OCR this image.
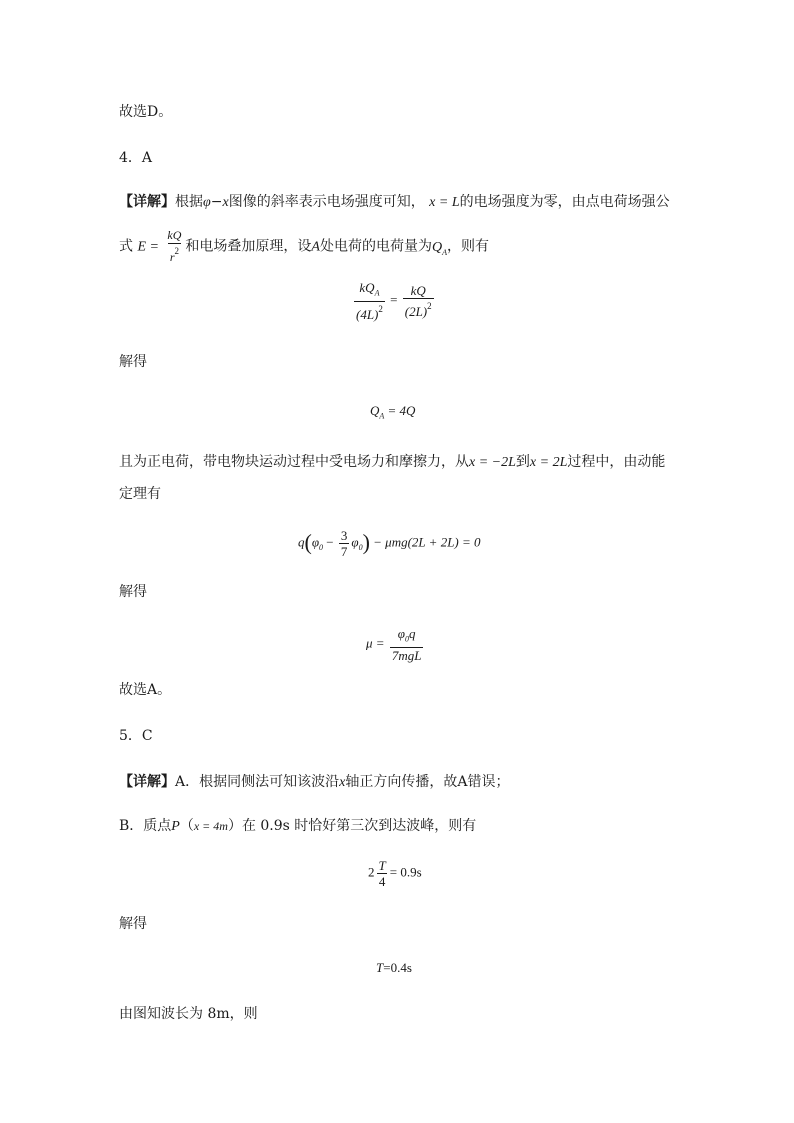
故选D。
4．A
【详解】根据φ−x图像的斜率表示电场强度可知， x = L的电场强度为零，由点电荷场强公
式 $E = \frac{kQ}{r^2}$ 和电场叠加原理，设A处电荷的电荷量为$Q_A$，则有
$\frac{kQ_A}{(4L)^2} = \frac{kQ}{(2L)^2}$
解得
$Q_A = 4Q$
且为正电荷，带电物块运动过程中受电场力和摩擦力，从x = −2L到x = 2L过程中，由动能
定理有
$q(\varphi_0 - \frac{3}{7} \varphi_0) - \mu mg(2L + 2L) = 0$
解得
$\mu = \frac{\varphi_0q}{\text{7mgL}}$
故选A。
5．C
【详解】A．根据同侧法可知该波沿x轴正方向传播，故A错误；
B．质点P（x = 4m）在 0.9s 时恰好第三次到达波峰，则有
$2 \frac{T}{4} = 0.9s$
解得
T=0.4s
由图知波长为 8m，则
